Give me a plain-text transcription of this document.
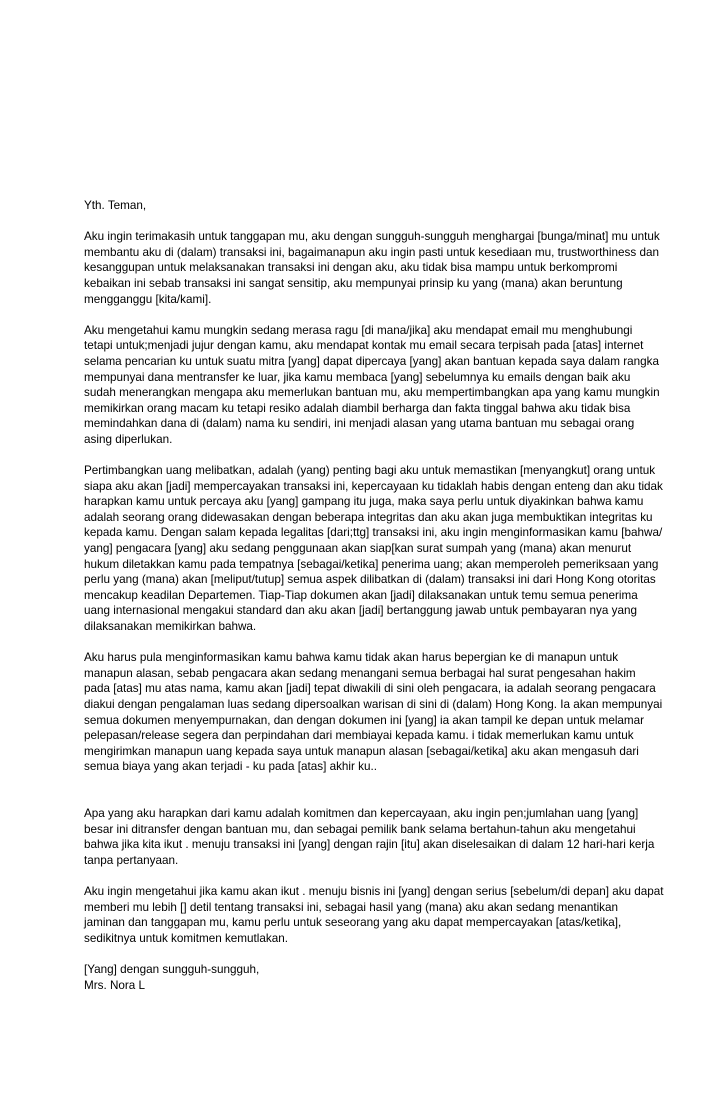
Yth. Teman,

Aku ingin terimakasih untuk tanggapan mu, aku dengan sungguh-sungguh menghargai [bunga/minat] mu untuk
membantu aku di (dalam) transaksi ini, bagaimanapun aku ingin pasti untuk kesediaan mu, trustworthiness dan
kesanggupan untuk melaksanakan transaksi ini dengan aku, aku tidak bisa mampu untuk berkompromi
kebaikan ini sebab transaksi ini sangat sensitip, aku mempunyai prinsip ku yang (mana) akan beruntung
mengganggu [kita/kami].

Aku mengetahui kamu mungkin sedang merasa ragu [di mana/jika] aku mendapat email mu menghubungi
tetapi untuk;menjadi jujur dengan kamu, aku mendapat kontak mu email secara terpisah pada [atas] internet
selama pencarian ku untuk suatu mitra [yang] dapat dipercaya [yang] akan bantuan kepada saya dalam rangka
mempunyai dana mentransfer ke luar, jika kamu membaca [yang] sebelumnya ku emails dengan baik aku
sudah menerangkan mengapa aku memerlukan bantuan mu, aku mempertimbangkan apa yang kamu mungkin
memikirkan orang macam ku tetapi resiko adalah diambil berharga dan fakta tinggal bahwa aku tidak bisa
memindahkan dana di (dalam) nama ku sendiri, ini menjadi alasan yang utama bantuan mu sebagai orang
asing diperlukan.

Pertimbangkan uang melibatkan, adalah (yang) penting bagi aku untuk memastikan [menyangkut] orang untuk
siapa aku akan [jadi] mempercayakan transaksi ini, kepercayaan ku tidaklah habis dengan enteng dan aku tidak
harapkan kamu untuk percaya aku [yang] gampang itu juga, maka saya perlu untuk diyakinkan bahwa kamu
adalah seorang orang didewasakan dengan beberapa integritas dan aku akan juga membuktikan integritas ku
kepada kamu. Dengan salam kepada legalitas [dari;ttg] transaksi ini, aku ingin menginformasikan kamu [bahwa/
yang] pengacara [yang] aku sedang penggunaan akan siap[kan surat sumpah yang (mana) akan menurut
hukum diletakkan kamu pada tempatnya [sebagai/ketika] penerima uang; akan memperoleh pemeriksaan yang
perlu yang (mana) akan [meliput/tutup] semua aspek dilibatkan di (dalam) transaksi ini dari Hong Kong otoritas
mencakup keadilan Departemen. Tiap-Tiap dokumen akan [jadi] dilaksanakan untuk temu semua penerima
uang internasional mengakui standard dan aku akan [jadi] bertanggung jawab untuk pembayaran nya yang
dilaksanakan memikirkan bahwa.

Aku harus pula menginformasikan kamu bahwa kamu tidak akan harus bepergian ke di manapun untuk
manapun alasan, sebab pengacara akan sedang menangani semua berbagai hal surat pengesahan hakim
pada [atas] mu atas nama, kamu akan [jadi] tepat diwakili di sini oleh pengacara, ia adalah seorang pengacara
diakui dengan pengalaman luas sedang dipersoalkan warisan di sini di (dalam) Hong Kong. Ia akan mempunyai
semua dokumen menyempurnakan, dan dengan dokumen ini [yang] ia akan tampil ke depan untuk melamar
pelepasan/release segera dan perpindahan dari membiayai kepada kamu. i tidak memerlukan kamu untuk
mengirimkan manapun uang kepada saya untuk manapun alasan [sebagai/ketika] aku akan mengasuh dari
semua biaya yang akan terjadi - ku pada [atas] akhir ku..

Apa yang aku harapkan dari kamu adalah komitmen dan kepercayaan, aku ingin pen;jumlahan uang [yang]
besar ini ditransfer dengan bantuan mu, dan sebagai pemilik bank selama bertahun-tahun aku mengetahui
bahwa jika kita ikut . menuju transaksi ini [yang] dengan rajin [itu] akan diselesaikan di dalam 12 hari-hari kerja
tanpa pertanyaan.

Aku ingin mengetahui jika kamu akan ikut . menuju bisnis ini [yang] dengan serius [sebelum/di depan] aku dapat
memberi mu lebih [] detil tentang transaksi ini, sebagai hasil yang (mana) aku akan sedang menantikan
jaminan dan tanggapan mu, kamu perlu untuk seseorang yang aku dapat mempercayakan [atas/ketika],
sedikitnya untuk komitmen kemutlakan.

[Yang] dengan sungguh-sungguh,

Mrs. Nora L
